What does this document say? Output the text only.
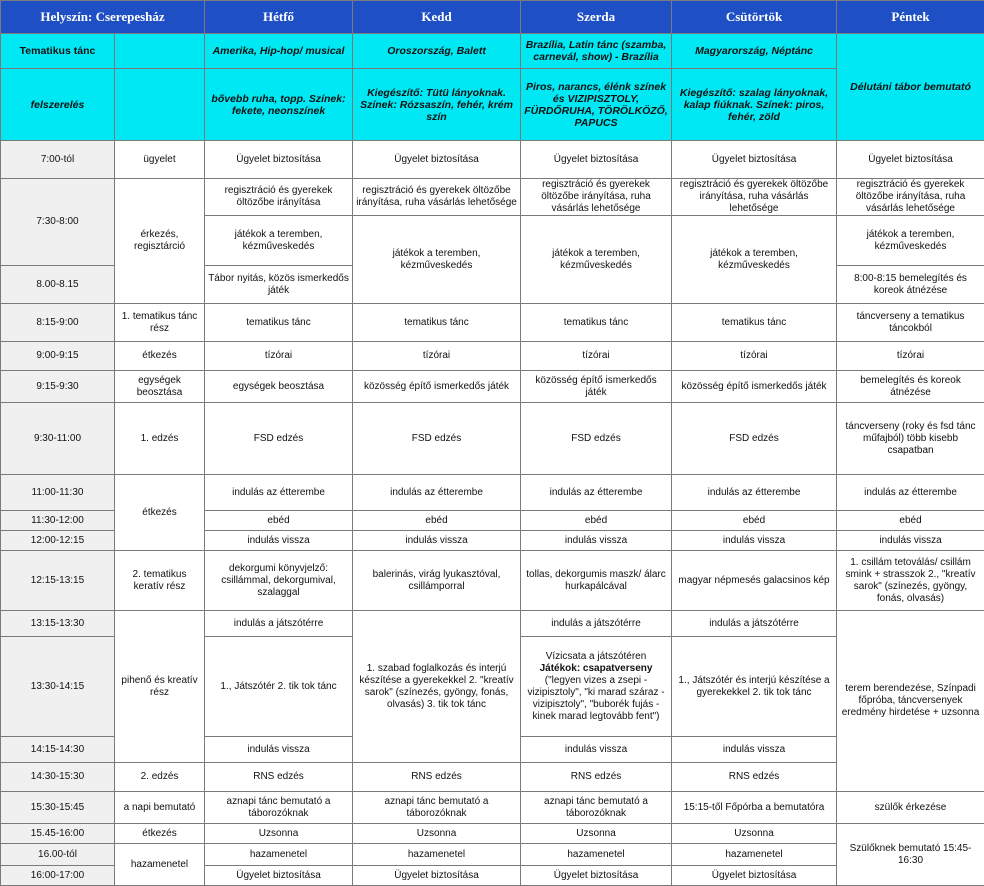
Helyszín: Cserepesház		Hétfő	Kedd	Szerda	Csütörtök	Péntek
Tematikus tánc		Amerika, Hip-hop/ musical	Oroszország, Balett	Brazília, Latin tánc (szamba, carnevál, show) - Brazília	Magyarország, Néptánc	Délutáni tábor bemutató
felszerelés		bővebb ruha, topp. Színek: fekete, neonszínek	Kiegészítő: Tütü lányoknak. Színek: Rózsaszín, fehér, krém szín	Piros, narancs, élénk színek és VIZIPISZTOLY, FÜRDŐRUHA, TÖRÖLKÖZŐ, PAPUCS	Kiegészítő: szalag lányoknak, kalap fiúknak. Színek: piros, fehér, zöld	
7:00-tól	ügyelet	Ügyelet biztosítása	Ügyelet biztosítása	Ügyelet biztosítása	Ügyelet biztosítása	Ügyelet biztosítása
7:30-8:00	érkezés, regisztárció	regisztráció és gyerekek öltözőbe irányítása	regisztráció és gyerekek öltözőbe irányítása, ruha vásárlás lehetősége	regisztráció és gyerekek öltözőbe irányítása, ruha vásárlás lehetősége	regisztráció és gyerekek öltözőbe irányítása, ruha vásárlás lehetősége	regisztráció és gyerekek öltözőbe irányítása, ruha vásárlás lehetősége
		játékok a teremben, kézműveskedés	játékok a teremben, kézműveskedés	játékok a teremben, kézműveskedés	játékok a teremben, kézműveskedés	játékok a teremben, kézműveskedés
8.00-8.15		Tábor nyitás, közös ismerkedős játék				8:00-8:15 bemelegítés és koreok átnézése
8:15-9:00	1. tematikus tánc rész	tematikus tánc	tematikus tánc	tematikus tánc	tematikus tánc	táncverseny a tematikus táncokból
9:00-9:15	étkezés	tízórai	tízórai	tízórai	tízórai	tízórai
9:15-9:30	egységek beosztása	egységek beosztása	közösség építő ismerkedős játék	közösség építő ismerkedős játék	közösség építő ismerkedős játék	bemelegítés és koreok átnézése
9:30-11:00	1. edzés	FSD edzés	FSD edzés	FSD edzés	FSD edzés	táncverseny (roky és fsd tánc műfajból) több kisebb csapatban
11:00-11:30	étkezés	indulás az étterembe	indulás az étterembe	indulás az étterembe	indulás az étterembe	indulás az étterembe
11:30-12:00		ebéd	ebéd	ebéd	ebéd	ebéd
12:00-12:15		indulás vissza	indulás vissza	indulás vissza	indulás vissza	indulás vissza
12:15-13:15	2. tematikus keratív rész	dekorgumi könyvjelző: csillámmal, dekorgumival, szalaggal	balerinás, virág lyukasztóval, csillámporral	tollas, dekorgumis maszk/ álarc hurkapálcával	magyar népmesés galacsinos kép	1. csillám tetoválás/ csillám smink + strasszok 2., "kreatív sarok" (színezés, gyöngy, fonás, olvasás)
13:15-13:30	pihenő és kreatív rész	indulás a játszótérre	1. szabad foglalkozás és interjú készítése a gyerekekkel 2. "kreatív sarok" (színezés, gyöngy, fonás, olvasás) 3. tik tok tánc	indulás a játszótérre	indulás a játszótérre	terem berendezése, Színpadi főpróba, táncversenyek eredmény hirdetése + uzsonna
13:30-14:15		1., Játszótér 2. tik tok tánc		Vízicsata a játszótéren
Játékok: csapatverseny
("legyen vizes a zsepi - vizipisztoly", "ki marad száraz - vizipisztoly", "buborék fujás - kinek marad legtovább fent")	1., Játszótér és interjú készítése a gyerekekkel 2. tik tok tánc	
14:15-14:30		indulás vissza		indulás vissza	indulás vissza	
14:30-15:30	2. edzés	RNS edzés	RNS edzés	RNS edzés	RNS edzés	
15:30-15:45	a napi bemutató	aznapi tánc bemutató a táborozóknak	aznapi tánc bemutató a táborozóknak	aznapi tánc bemutató a táborozóknak	15:15-től Főpórba a bemutatóra	szülők érkezése
15.45-16:00	étkezés	Uzsonna	Uzsonna	Uzsonna	Uzsonna	Szülőknek bemutató 15:45-16:30
16.00-tól	hazamenetel	hazamenetel	hazamenetel	hazamenetel	hazamenetel	
16:00-17:00		Ügyelet biztosítása	Ügyelet biztosítása	Ügyelet biztosítása	Ügyelet biztosítása	
